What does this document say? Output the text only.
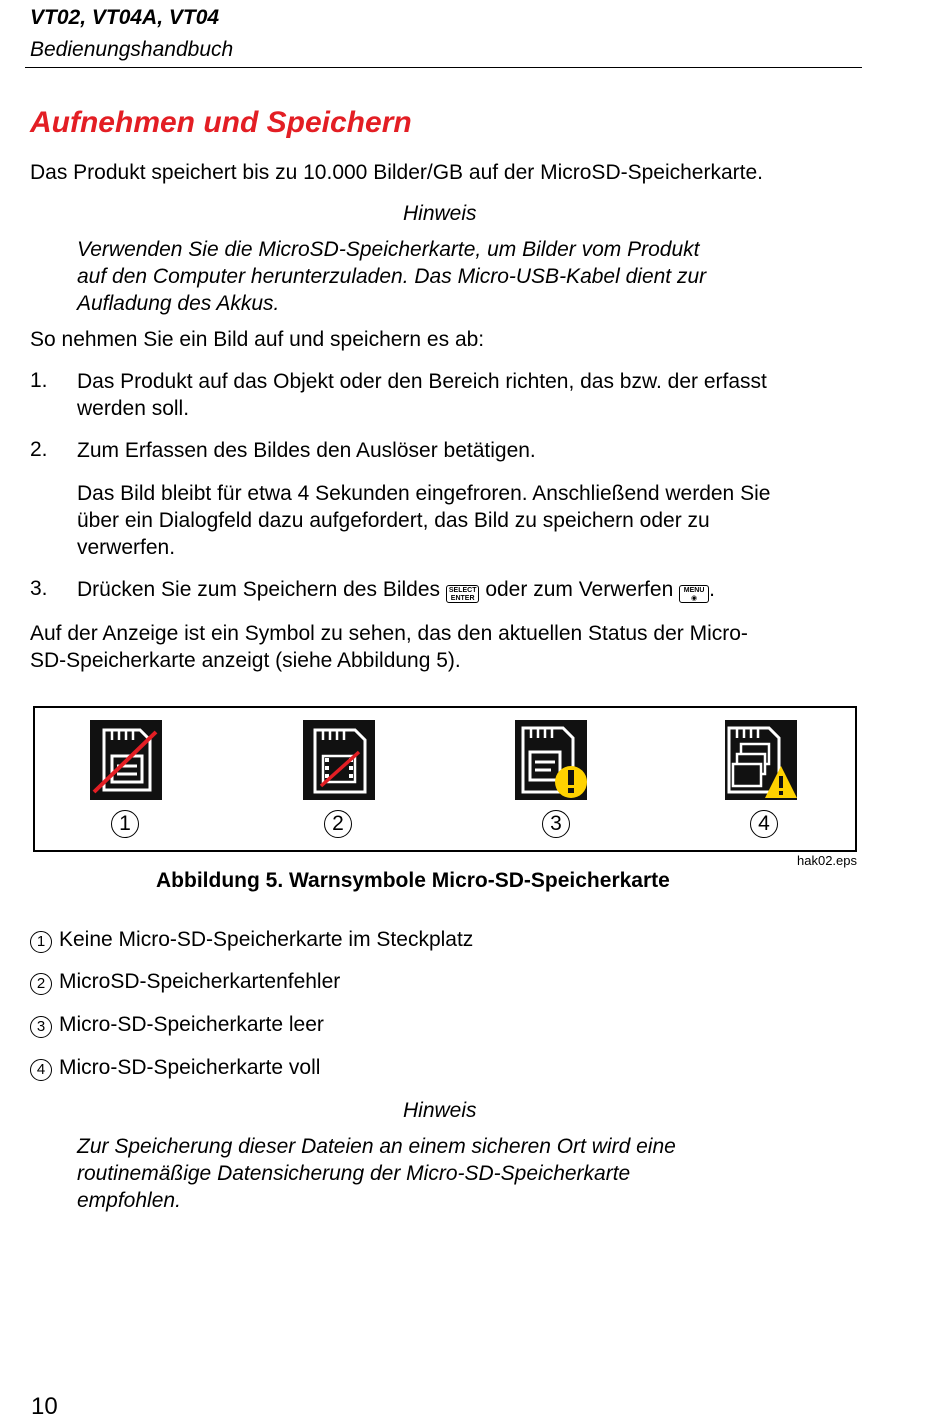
VT02, VT04A, VT04
Bedienungshandbuch
Aufnehmen und Speichern
Das Produkt speichert bis zu 10.000 Bilder/GB auf der MicroSD-Speicherkarte.
Hinweis
Verwenden Sie die MicroSD-Speicherkarte, um Bilder vom Produkt
auf den Computer herunterzuladen. Das Micro-USB-Kabel dient zur
Aufladung des Akkus.
So nehmen Sie ein Bild auf und speichern es ab:
1. Das Produkt auf das Objekt oder den Bereich richten, das bzw. der erfasst
werden soll.
2. Zum Erfassen des Bildes den Auslöser betätigen.
Das Bild bleibt für etwa 4 Sekunden eingefroren. Anschließend werden Sie
über ein Dialogfeld dazu aufgefordert, das Bild zu speichern oder zu
verwerfen.
3. Drücken Sie zum Speichern des Bildes SELECT
ENTER oder zum Verwerfen MENU
◉ .
Auf der Anzeige ist ein Symbol zu sehen, das den aktuellen Status der Micro-
SD-Speicherkarte anzeigt (siehe Abbildung 5).
1	2	3	4
hak02.eps
Abbildung 5. Warnsymbole Micro-SD-Speicherkarte
1 Keine Micro-SD-Speicherkarte im Steckplatz
2 MicroSD-Speicherkartenfehler
3 Micro-SD-Speicherkarte leer
4 Micro-SD-Speicherkarte voll
Hinweis
Zur Speicherung dieser Dateien an einem sicheren Ort wird eine
routinemäßige Datensicherung der Micro-SD-Speicherkarte
empfohlen.
10
